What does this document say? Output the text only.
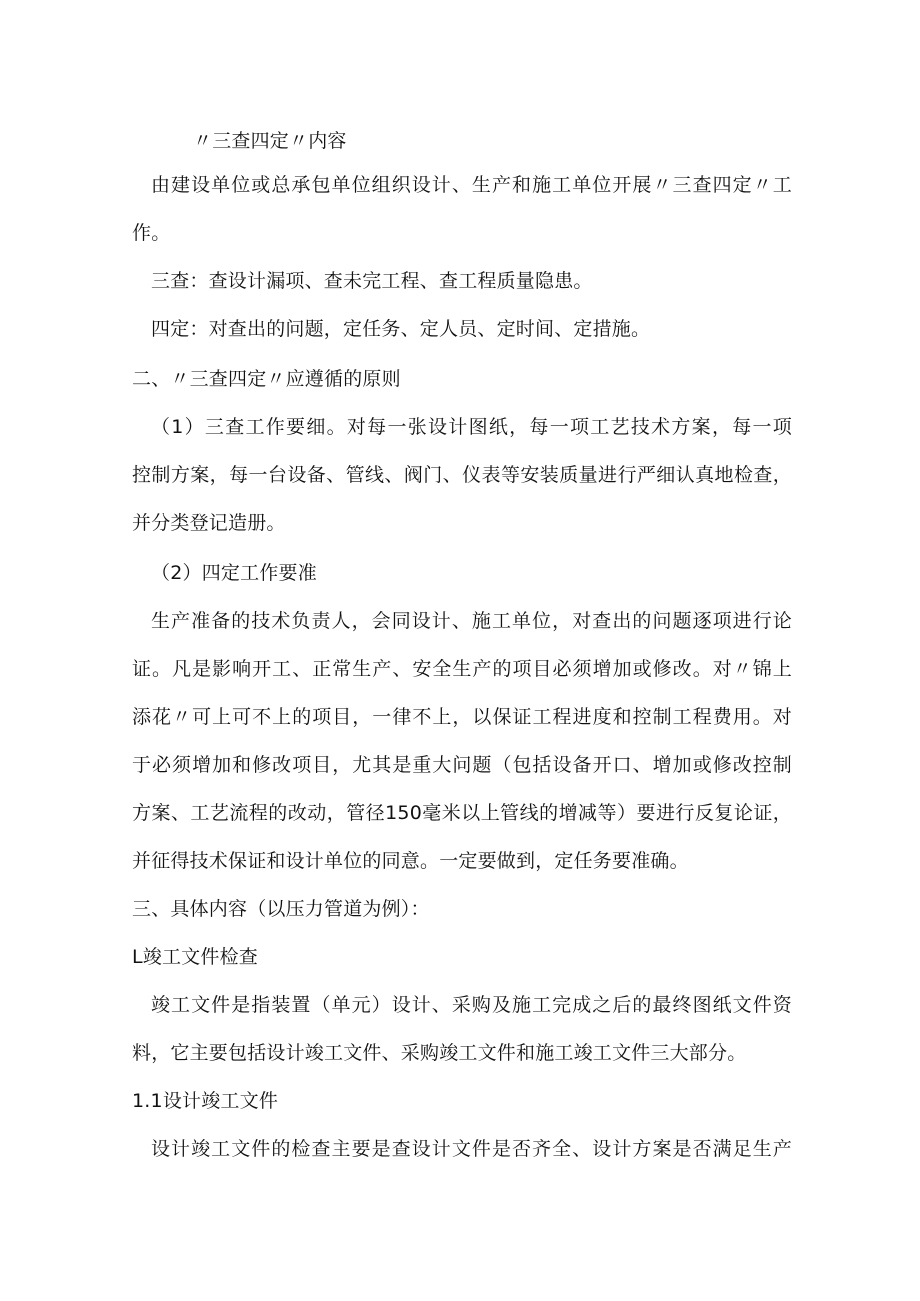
〃三查四定〃内容
由建设单位或总承包单位组织设计、生产和施工单位开展〃三查四定〃工
作。
三查：查设计漏项、查未完工程、查工程质量隐患。
四定：对查出的问题，定任务、定人员、定时间、定措施。
二、〃三查四定〃应遵循的原则
（1）三查工作要细。对每一张设计图纸，每一项工艺技术方案，每一项
控制方案，每一台设备、管线、阀门、仪表等安装质量进行严细认真地检查，
并分类登记造册。
（2）四定工作要准
生产准备的技术负责人，会同设计、施工单位，对查出的问题逐项进行论
证。凡是影响开工、正常生产、安全生产的项目必须增加或修改。对〃锦上
添花〃可上可不上的项目，一律不上，以保证工程进度和控制工程费用。对
于必须增加和修改项目，尤其是重大问题（包括设备开口、增加或修改控制
方案、工艺流程的改动，管径150毫米以上管线的增减等）要进行反复论证，
并征得技术保证和设计单位的同意。一定要做到，定任务要准确。
三、具体内容（以压力管道为例）：
L竣工文件检查
竣工文件是指装置（单元）设计、采购及施工完成之后的最终图纸文件资
料，它主要包括设计竣工文件、采购竣工文件和施工竣工文件三大部分。
1.1设计竣工文件
设计竣工文件的检查主要是查设计文件是否齐全、设计方案是否满足生产
